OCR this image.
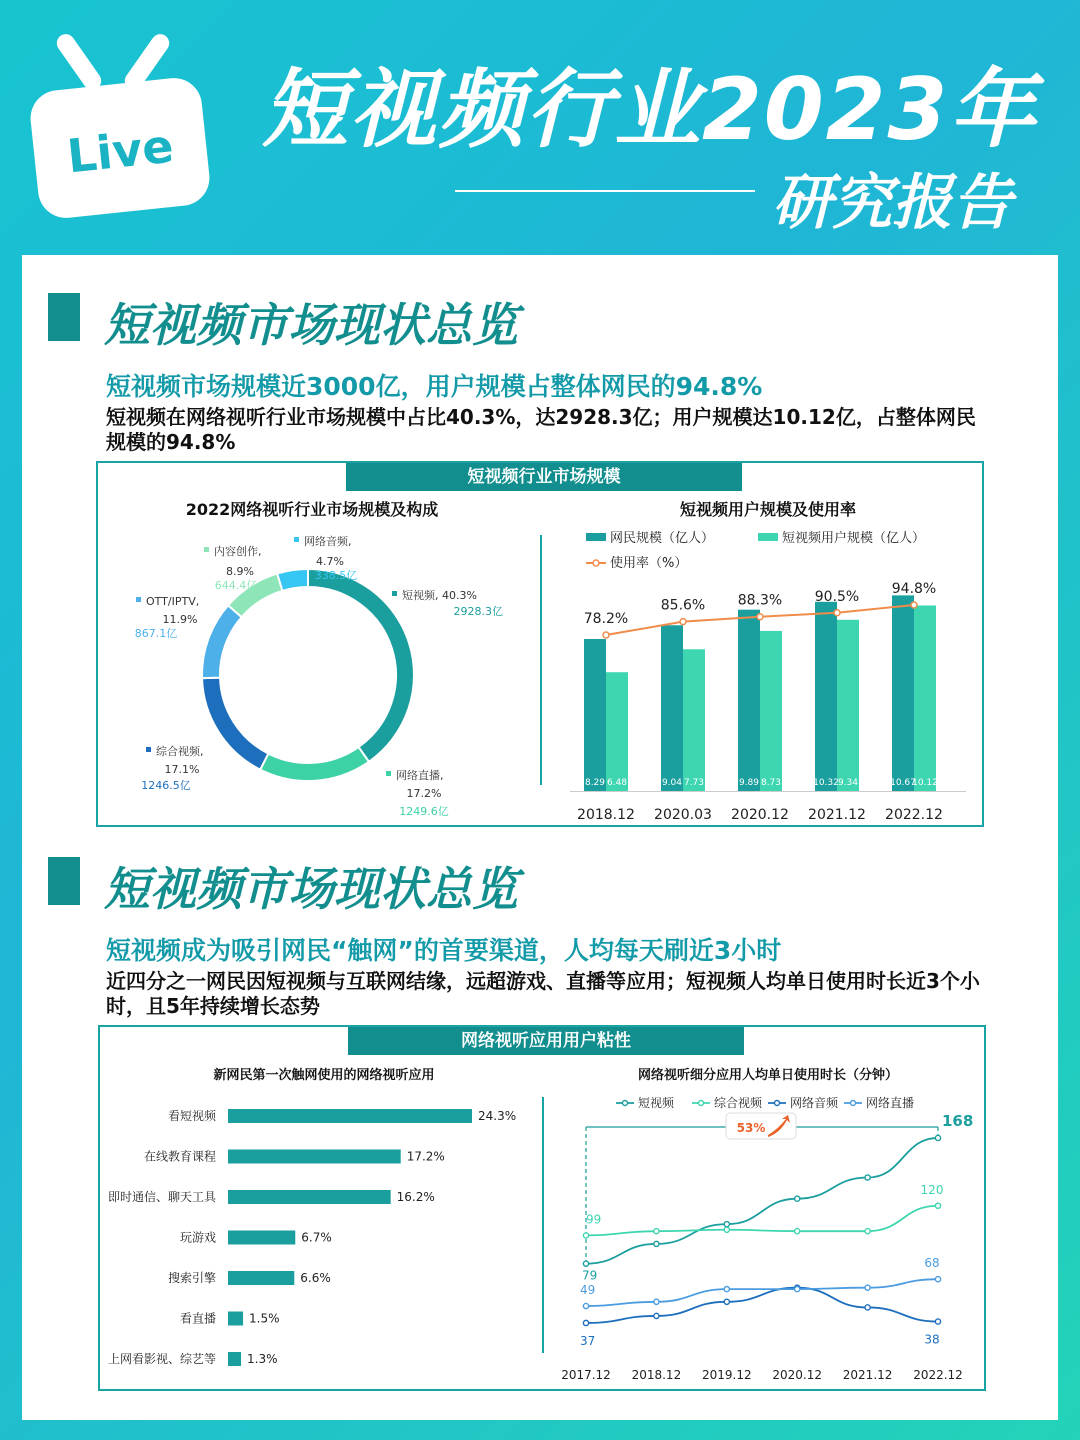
Live 短视频行业2023年
研究报告
短视频市场现状总览
短视频市场规模近3000亿，用户规模占整体网民的94.8%
短视频在网络视听行业市场规模中占比40.3%，达2928.3亿；用户规模达10.12亿，占整体网民规模的94.8%
短视频行业市场规模
2022网络视听行业市场规模及构成
短视频, 40.3%
2928.3亿
网络直播,
17.2%
1249.6亿
综合视频,
17.1%
1246.5亿
OTT/IPTV,
11.9%
867.1亿
内容创作,
8.9%
644.4亿
网络音频,
4.7%
338.5亿
短视频用户规模及使用率
网民规模（亿人）	短视频用户规模（亿人）
使用率（%）
8.29 6.48
2018.12
9.04 7.73
2020.03
9.89 8.73
2020.12
10.32 9.34
2021.12
10.67
10.12
2022.12
78.2%
85.6% 88.3% 90.5% 94.8%
短视频市场现状总览
短视频成为吸引网民“触网”的首要渠道，人均每天刷近3小时
近四分之一网民因短视频与互联网结缘，远超游戏、直播等应用；短视频人均单日使用时长近3个小时，且5年持续增长态势
网络视听应用用户粘性
新网民第一次触网使用的网络视听应用
看短视频	24.3%
在线教育课程	17.2%
即时通信、聊天工具	16.2%
玩游戏	6.7%
搜索引擎	6.6%
看直播	1.5%
上网看影视、综艺等	1.3%
网络视听细分应用人均单日使用时长（分钟）
短视频	综合视频 网络音频 网络直播
2017.12 2018.12 2019.12 2020.12 2021.12 2022.12
53%
79
168
99
120
49
68
37	38
